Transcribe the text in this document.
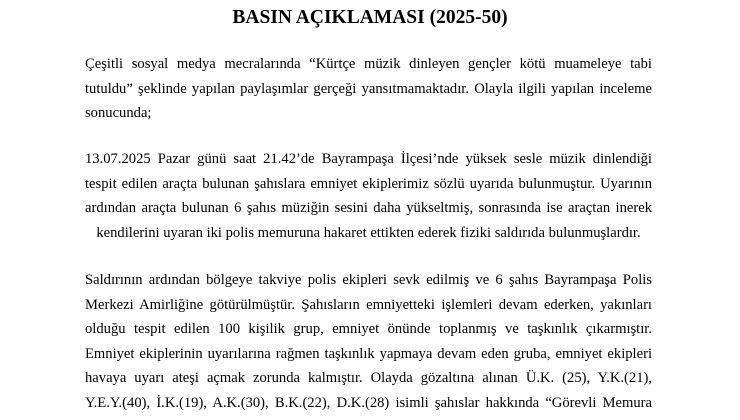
BASIN AÇIKLAMASI (2025-50)

Çeşitli sosyal medya mecralarında “Kürtçe müzik dinleyen gençler kötü muameleye tabi
tutuldu” şeklinde yapılan paylaşımlar gerçeği yansıtmamaktadır. Olayla ilgili yapılan inceleme
sonucunda;

13.07.2025 Pazar günü saat 21.42’de Bayrampaşa İlçesi’nde yüksek sesle müzik dinlendiği
tespit edilen araçta bulunan şahıslara emniyet ekiplerimiz sözlü uyarıda bulunmuştur. Uyarının
ardından araçta bulunan 6 şahıs müziğin sesini daha yükseltmiş, sonrasında ise araçtan inerek
kendilerini uyaran iki polis memuruna hakaret ettikten ederek fiziki saldırıda bulunmuşlardır.

Saldırının ardından bölgeye takviye polis ekipleri sevk edilmiş ve 6 şahıs Bayrampaşa Polis
Merkezi Amirliğine götürülmüştür. Şahısların emniyetteki işlemleri devam ederken, yakınları
olduğu tespit edilen 100 kişilik grup, emniyet önünde toplanmış ve taşkınlık çıkarmıştır.
Emniyet ekiplerinin uyarılarına rağmen taşkınlık yapmaya devam eden gruba, emniyet ekipleri
havaya uyarı ateşi açmak zorunda kalmıştır. Olayda gözaltına alınan Ü.K. (25), Y.K.(21),
Y.E.Y.(40), İ.K.(19), A.K.(30), B.K.(22), D.K.(28) isimli şahıslar hakkında “Görevli Memura
